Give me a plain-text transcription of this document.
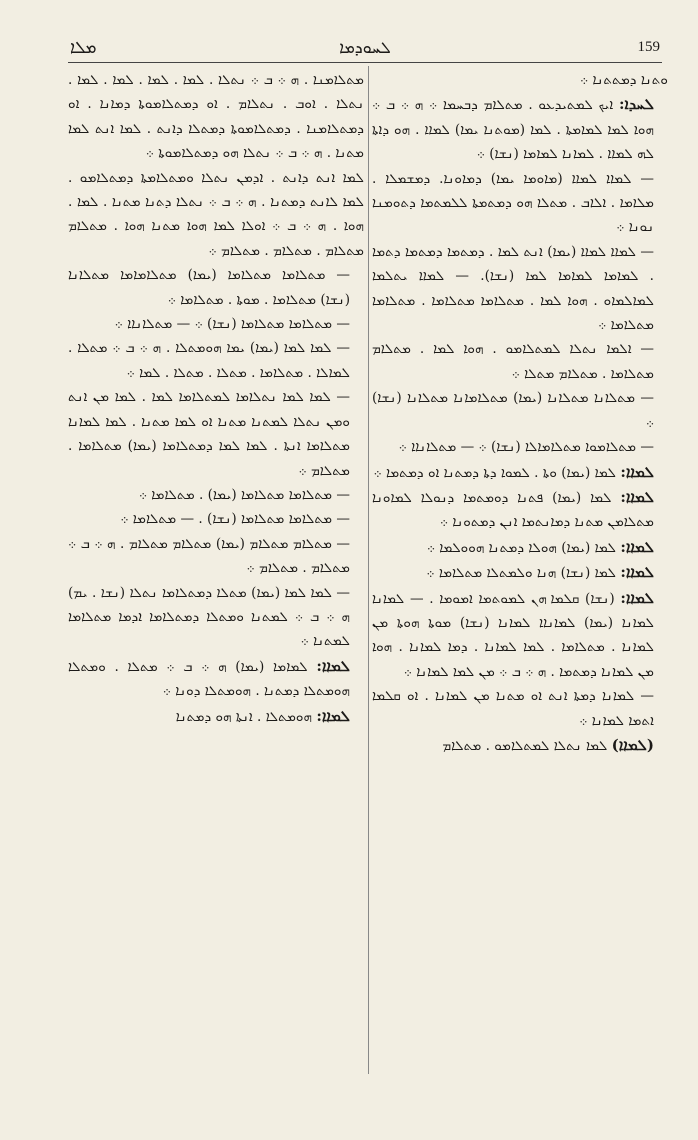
ܡܠܐ	ܠܚܘܕܡܐ	159

ܘܬܢܐ ܕܡܬܬܢܐ ܀

ܠܚܕܐ: ܐܝܟ ܠܡܬܝܕܥܘ . ܡܬܠܐܡ ܕܒܚܡܐ ܀ ܗ ܀ ܒ ܀ ܗܘܐ ܠܡܐ ܠܡܐܡܬܐ . ܠܡܐ (ܡܘܬܢܐ ܝܡܐ) ܠܡܐܐ . ܗܘ ܕܐܬܐ ܠܗ ܠܡܐܐ . ܠܡܐܢܐ ܠܡܐܡܐ (ܢܫܐ) ܀

— ܠܡܐܐ ܠܡܐܐ (ܡܐܘܡܐ ܝܡܐ) ܕܡܐܘܢܐ. ܕܡܫܡܠܐ . ܡܠܐܡܐ . ܐܠܐܒ . ܡܬܠܐ ܗܘ ܕܡܬܡܬܐ ܠܠܡܬܡܐ ܕܬܘܡܢܐ ܢܘܢܐ ܀

— ܠܡܐܐ ܠܡܐܐ (ܝܡܐ) ܐܢܬ ܠܡܐ . ܕܡܬܡܐ ܕܡܬܡܐ ܕܬܡܐ . ܠܡܐܡܐ ܠܡܐܡܐ ܠܡܐ (ܢܫܐ). — ܠܡܐܐ ܝܬܠܡܐ ܠܡܐܠܡܐܘ . ܗܘܐ ܠܡܐ . ܡܬܠܐܡܐ ܡܬܠܐܡܐ . ܡܬܠܐܡܐ ܡܬܠܐܡܐ ܀

— ܐܠܡܐ ܢܬܠܐ ܠܡܬܠܐܡܘ . ܗܘܐ ܠܡܐ . ܡܬܠܐܡ ܡܬܠܐܡܐ . ܡܬܠܐܡ ܡܬܠܐ ܀

— ܡܬܠܐܢܐ ܡܬܠܐܢܐ (ܝܡܐ) ܡܬܠܐܡܐܢܐ ܡܬܠܐܢܐ (ܢܫܐ) ܀

— ܡܬܠܐܡܘܐ ܡܬܠܐܡܐܠܐ (ܢܫܐ) ܀ — ܡܬܠܐܢܐܐ ܀

ܠܡܐܐ: ܠܡܐ (ܝܡܐ) ܘܬܐ . ܠܡܘܐ ܕܬܐ ܕܡܬܢܐ ܐܘ ܕܡܬܡܐ ܀

ܠܡܐܐ: ܠܡܐ (ܝܡܐ) ܦܬܢܐ ܕܘܡܬܡܐ ܕܢܘܠܐ ܠܡܐܘܢܐ ܡܬܠܐܡܢ ܡܬܢܐ ܕܡܐܢܬܡܐ ܐܢܢ ܕܡܬܘܢܐ ܀

ܠܡܐܐ: ܠܡܐ (ܝܡܐ) ܗܘܠܐ ܕܡܬܢܐ ܗܘܘܠܡܐ ܀

ܠܡܐܐ: ܠܡܐ (ܢܫܐ) ܗܢܐ ܘܠܡܬܠܐ ܡܬܠܐܡܐ ܀

ܠܡܐܐ: (ܢܫܐ) ܩܠܡܐ ܗܢ ܠܡܘܬܡܐ ܐܡܘܡܐ . — ܠܡܐܢܐ ܠܡܐܢܐ (ܝܡܐ) ܠܡܐܢܐܐ ܠܡܐܢܐ (ܢܫܐ) ܡܘܬܐ ܗܘܬܐ ܡܢ ܠܡܐܢܐ . ܡܬܠܐܡܐ . ܠܡܐ ܠܡܐܢܐ . ܕܡܐ ܠܡܐܢܐ . ܗܘܐ ܡܢ ܠܡܐܢܐ ܕܡܬܡܐ . ܗ ܀ ܒ ܀ ܡܢ ܠܡܐ ܠܡܐܢܐ ܀

— ܠܡܐܢܐ ܕܡܬܐ ܐܢܬ ܐܘ ܡܬܢܐ ܡܢ ܠܡܐܢܐ . ܐܘ ܩܠܡܐ ܐܬܡܐ ܠܡܐܢܐ ܀

(ܠܡܐܐ) ܠܡܐ ܢܬܠܐ ܠܡܬܠܐܡܘ . ܡܬܠܐܡ

ܡܬܠܐܡܢܐ . ܗ ܀ ܒ ܀ ܢܬܠܐ . ܠܡܐ . ܠܡܐ . ܠܡܐ . ܠܡܐ . ܢܬܠܐ . ܐܘܒ . ܢܬܠܐܡ . ܐܘ ܕܡܬܠܐܡܘܬܐ ܕܡܐܢܐ . ܐܘ ܕܡܬܠܐܡܢܐ . ܕܡܬܠܐܡܘܬܐ ܕܡܬܠܐ ܕܐܢܬ . ܠܡܐ ܐܢܬ ܠܡܐ ܡܬܢܐ . ܗ ܀ ܒ ܀ ܢܬܠܐ ܗܘ ܕܡܬܠܐܡܘܬܐ ܀

ܠܡܐ ܐܢܬ ܕܐܢܬ . ܐܕܡܢ ܢܬܠܐ ܘܡܬܠܐܡܬܐ ܕܡܬܠܐܡܘ . ܠܡܐ ܠܐܢܬ ܕܡܬܢܐ . ܗ ܀ ܒ ܀ ܢܬܠܐ ܕܬܢܐ ܡܬܢܐ . ܠܡܐ . ܗܘܐ . ܗ ܀ ܒ ܀ ܐܘܠܐ ܠܡܐ ܗܘܐ ܡܬܢܐ ܗܘܐ . ܡܬܠܐܡ ܡܬܠܐܡ . ܡܬܠܐܡ . ܡܬܠܐܡ ܀

— ܡܬܠܐܡܐ ܡܬܠܐܡܐ (ܝܡܐ) ܡܬܠܐܡܐܡܐ ܡܬܠܐܢܐ (ܢܫܐ) ܡܬܠܐܡܐ . ܡܘܬܐ . ܡܬܠܐܡܐ ܀

— ܡܬܠܐܡܐ ܡܬܠܐܡܐ (ܢܫܐ) ܀ — ܡܬܠܐܢܐܐ ܀

— ܠܡܐ ܠܡܐ (ܝܡܐ) ܝܡܐ ܗܘܡܬܠܐ . ܗ ܀ ܒ ܀ ܡܬܠܐ . ܠܡܐܠܐ . ܡܬܠܐܡܐ . ܡܬܠܐ . ܡܬܠܐ . ܠܡܐ ܀

— ܠܡܐ ܠܡܐ ܢܬܠܐܡܐ ܠܡܬܠܐܡܐ ܠܡܐ . ܠܡܐ ܡܢ ܐܢܬ ܘܡܢ ܢܬܠܐ ܠܡܬܢܐ ܡܬܢܐ ܐܘ ܠܡܐ ܡܬܢܐ . ܠܡܐ ܠܡܐܢܐ ܡܬܠܐܡܐ ܐܢܬܐ . ܠܡܐ ܠܡܐ ܕܡܬܠܐܡܐ (ܝܡܐ) ܡܬܠܐܡܐ . ܡܬܠܐܡ ܀

— ܡܬܠܐܡܐ ܡܬܠܐܡܐ (ܝܡܐ) . ܡܬܠܐܡܐ ܀

— ܡܬܠܐܡܐ ܡܬܠܐܡܐ (ܢܫܐ) . — ܡܬܠܐܡܐ ܀

— ܡܬܠܐܡ ܡܬܠܐܡ (ܝܡܐ) ܡܬܠܐܡ ܡܬܠܐܡ . ܗ ܀ ܒ ܀ ܡܬܠܐܡ . ܡܬܠܐܡ ܀

— ܠܡܐ ܠܡܐ (ܝܡܐ) ܡܬܠܐ ܕܡܬܠܐܡܐ ܢܬܠܐ (ܢܫܐ . ܝܡ) ܗ ܀ ܒ ܀ ܠܡܬܢܐ ܘܡܬܠܐ ܕܡܬܠܐܡܐ ܐܕܡܐ ܡܬܠܐܡܐ ܠܡܬܢܐ ܀

ܠܡܐܐ: ܠܡܐܡܐ (ܝܡܐ) ܗ ܀ ܒ ܀ ܡܬܠܐ . ܘܡܬܠܐ ܗܘܡܬܠܐ ܕܡܬܢܐ . ܗܘܡܬܠܐ ܕܘܢܐ ܀

ܠܡܐܐ: ܗܘܡܬܠܐ . ܐܢܬܐ ܗܘ ܕܡܬܢܐ
